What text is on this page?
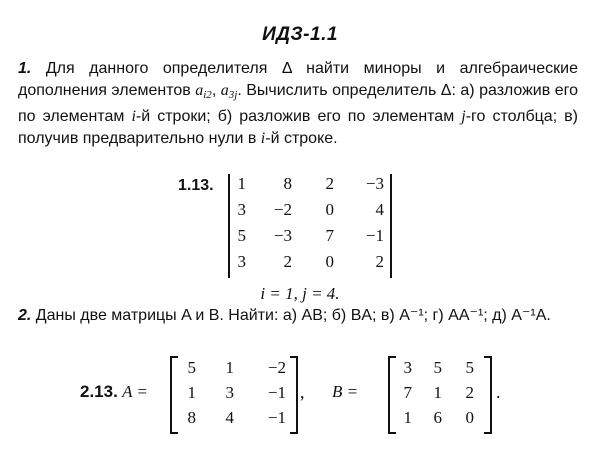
ИДЗ-1.1
1. Для данного определителя Δ найти миноры и алгебраические дополнения элементов $a_{i2}$, $a_{3j}$. Вычислить определитель Δ: а) разложив его по элементам i-й строки; б) разложив его по элементам j-го столбца; в) получив предварительно нули в i-й строке.
1.13.	1	8	2	−3
3	−2	0	4
5	−3	7	−1
3	2	0	2
i = 1, j = 4.
2. Даны две матрицы A и B. Найти: а) AB; б) BA; в) A⁻¹; г) AA⁻¹; д) A⁻¹A.
2.13. A =
5	1	−2
1	3	−1
8	4	−1
, B =
3	5	5
7	1	2
1	6	0
.
